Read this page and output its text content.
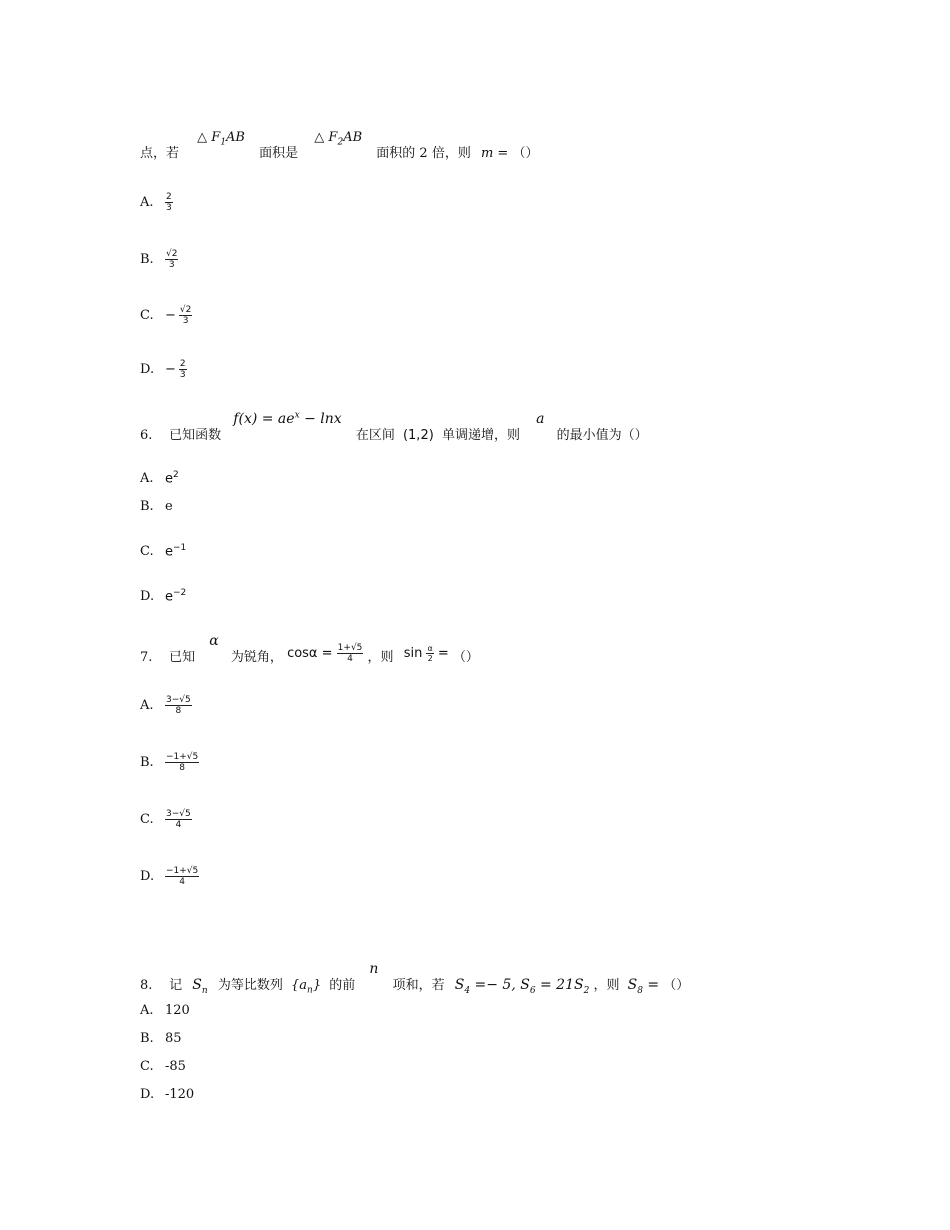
点，若 △ $F_1AB$ 面积是 △ $F_2AB$ 面积的 2 倍，则 m = （）
A. $\frac{2}{3}$
B. $\frac{√2}{3}$
C. − $\frac{√2}{3}$
D. − $\frac{2}{3}$
6. 已知函数 $f(x) = ae^x - \ln x$ 在区间 (1,2) 单调递增，则 a 的最小值为（）
A. $e^2$
B. e
C. $e^{-1}$
D. $e^{-2}$
7. 已知 α 为锐角， $\cos\alpha = \frac{1+√5}{4}$ ，则 $\sin \frac{\alpha}{2}$ = （）
A. $\frac{3-√5}{8}$
B. $\frac{-1+√5}{8}$
C. $\frac{3-√5}{4}$
D. $\frac{-1+√5}{4}$
8. 记 $S_n$ 为等比数列 $\{a_n\}$ 的前 n 项和，若 $S_4 =- 5$, $S_6 = 21S_2$ ，则 $S_8$ = （）
A. 120
B. 85
C. -85
D. -120
